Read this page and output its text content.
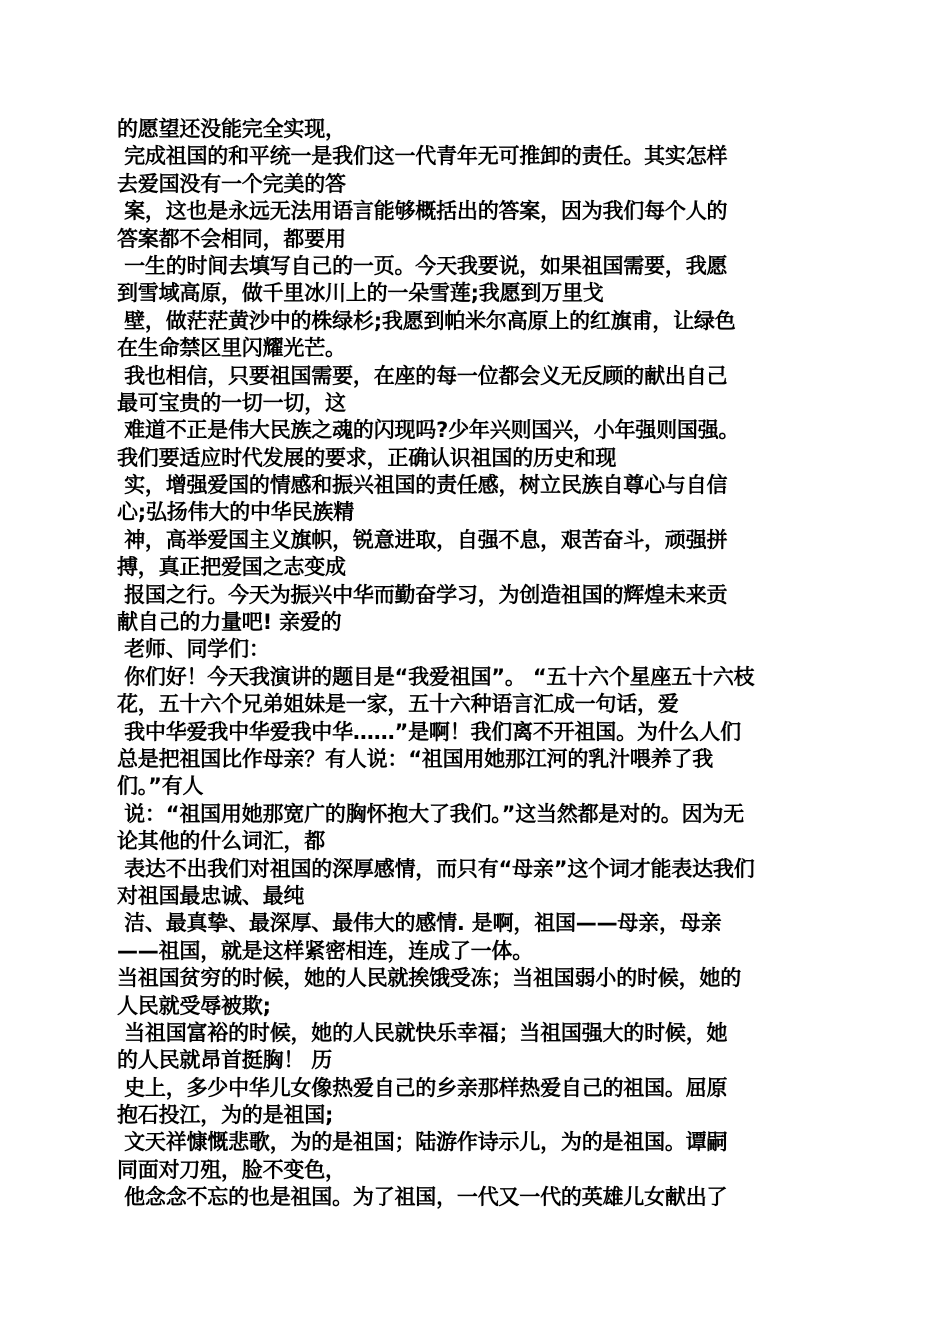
的愿望还没能完全实现，
完成祖国的和平统一是我们这一代青年无可推卸的责任。其实怎样
去爱国没有一个完美的答
案，这也是永远无法用语言能够概括出的答案，因为我们每个人的
答案都不会相同，都要用
一生的时间去填写自己的一页。今天我要说，如果祖国需要，我愿
到雪域高原，做千里冰川上的一朵雪莲;我愿到万里戈
壁，做茫茫黄沙中的株绿杉;我愿到帕米尔高原上的红旗甫，让绿色
在生命禁区里闪耀光芒。
我也相信，只要祖国需要，在座的每一位都会义无反顾的献出自己
最可宝贵的一切一切，这
难道不正是伟大民族之魂的闪现吗?少年兴则国兴，小年强则国强。
我们要适应时代发展的要求，正确认识祖国的历史和现
实，增强爱国的情感和振兴祖国的责任感，树立民族自尊心与自信
心;弘扬伟大的中华民族精
神，高举爱国主义旗帜，锐意进取，自强不息，艰苦奋斗，顽强拼
搏，真正把爱国之志变成
报国之行。今天为振兴中华而勤奋学习，为创造祖国的辉煌未来贡
献自己的力量吧! 亲爱的
老师、同学们：
你们好！今天我演讲的题目是“我爱祖国”。 “五十六个星座五十六枝
花，五十六个兄弟姐妹是一家，五十六种语言汇成一句话，爱
我中华爱我中华爱我中华……”是啊！我们离不开祖国。为什么人们
总是把祖国比作母亲？有人说：“祖国用她那江河的乳汁喂养了我
们。”有人
说：“祖国用她那宽广的胸怀抱大了我们。”这当然都是对的。因为无
论其他的什么词汇，都
表达不出我们对祖国的深厚感情，而只有“母亲”这个词才能表达我们
对祖国最忠诚、最纯
洁、最真挚、最深厚、最伟大的感情. 是啊，祖国——母亲，母亲
——祖国，就是这样紧密相连，连成了一体。
当祖国贫穷的时候，她的人民就挨饿受冻；当祖国弱小的时候，她的
人民就受辱被欺;
当祖国富裕的时候，她的人民就快乐幸福；当祖国强大的时候，她
的人民就昂首挺胸！ 历
史上，多少中华儿女像热爱自己的乡亲那样热爱自己的祖国。屈原
抱石投江，为的是祖国;
文天祥慷慨悲歌，为的是祖国；陆游作诗示儿，为的是祖国。谭嗣
同面对刀殂，脸不变色，
他念念不忘的也是祖国。为了祖国，一代又一代的英雄儿女献出了
